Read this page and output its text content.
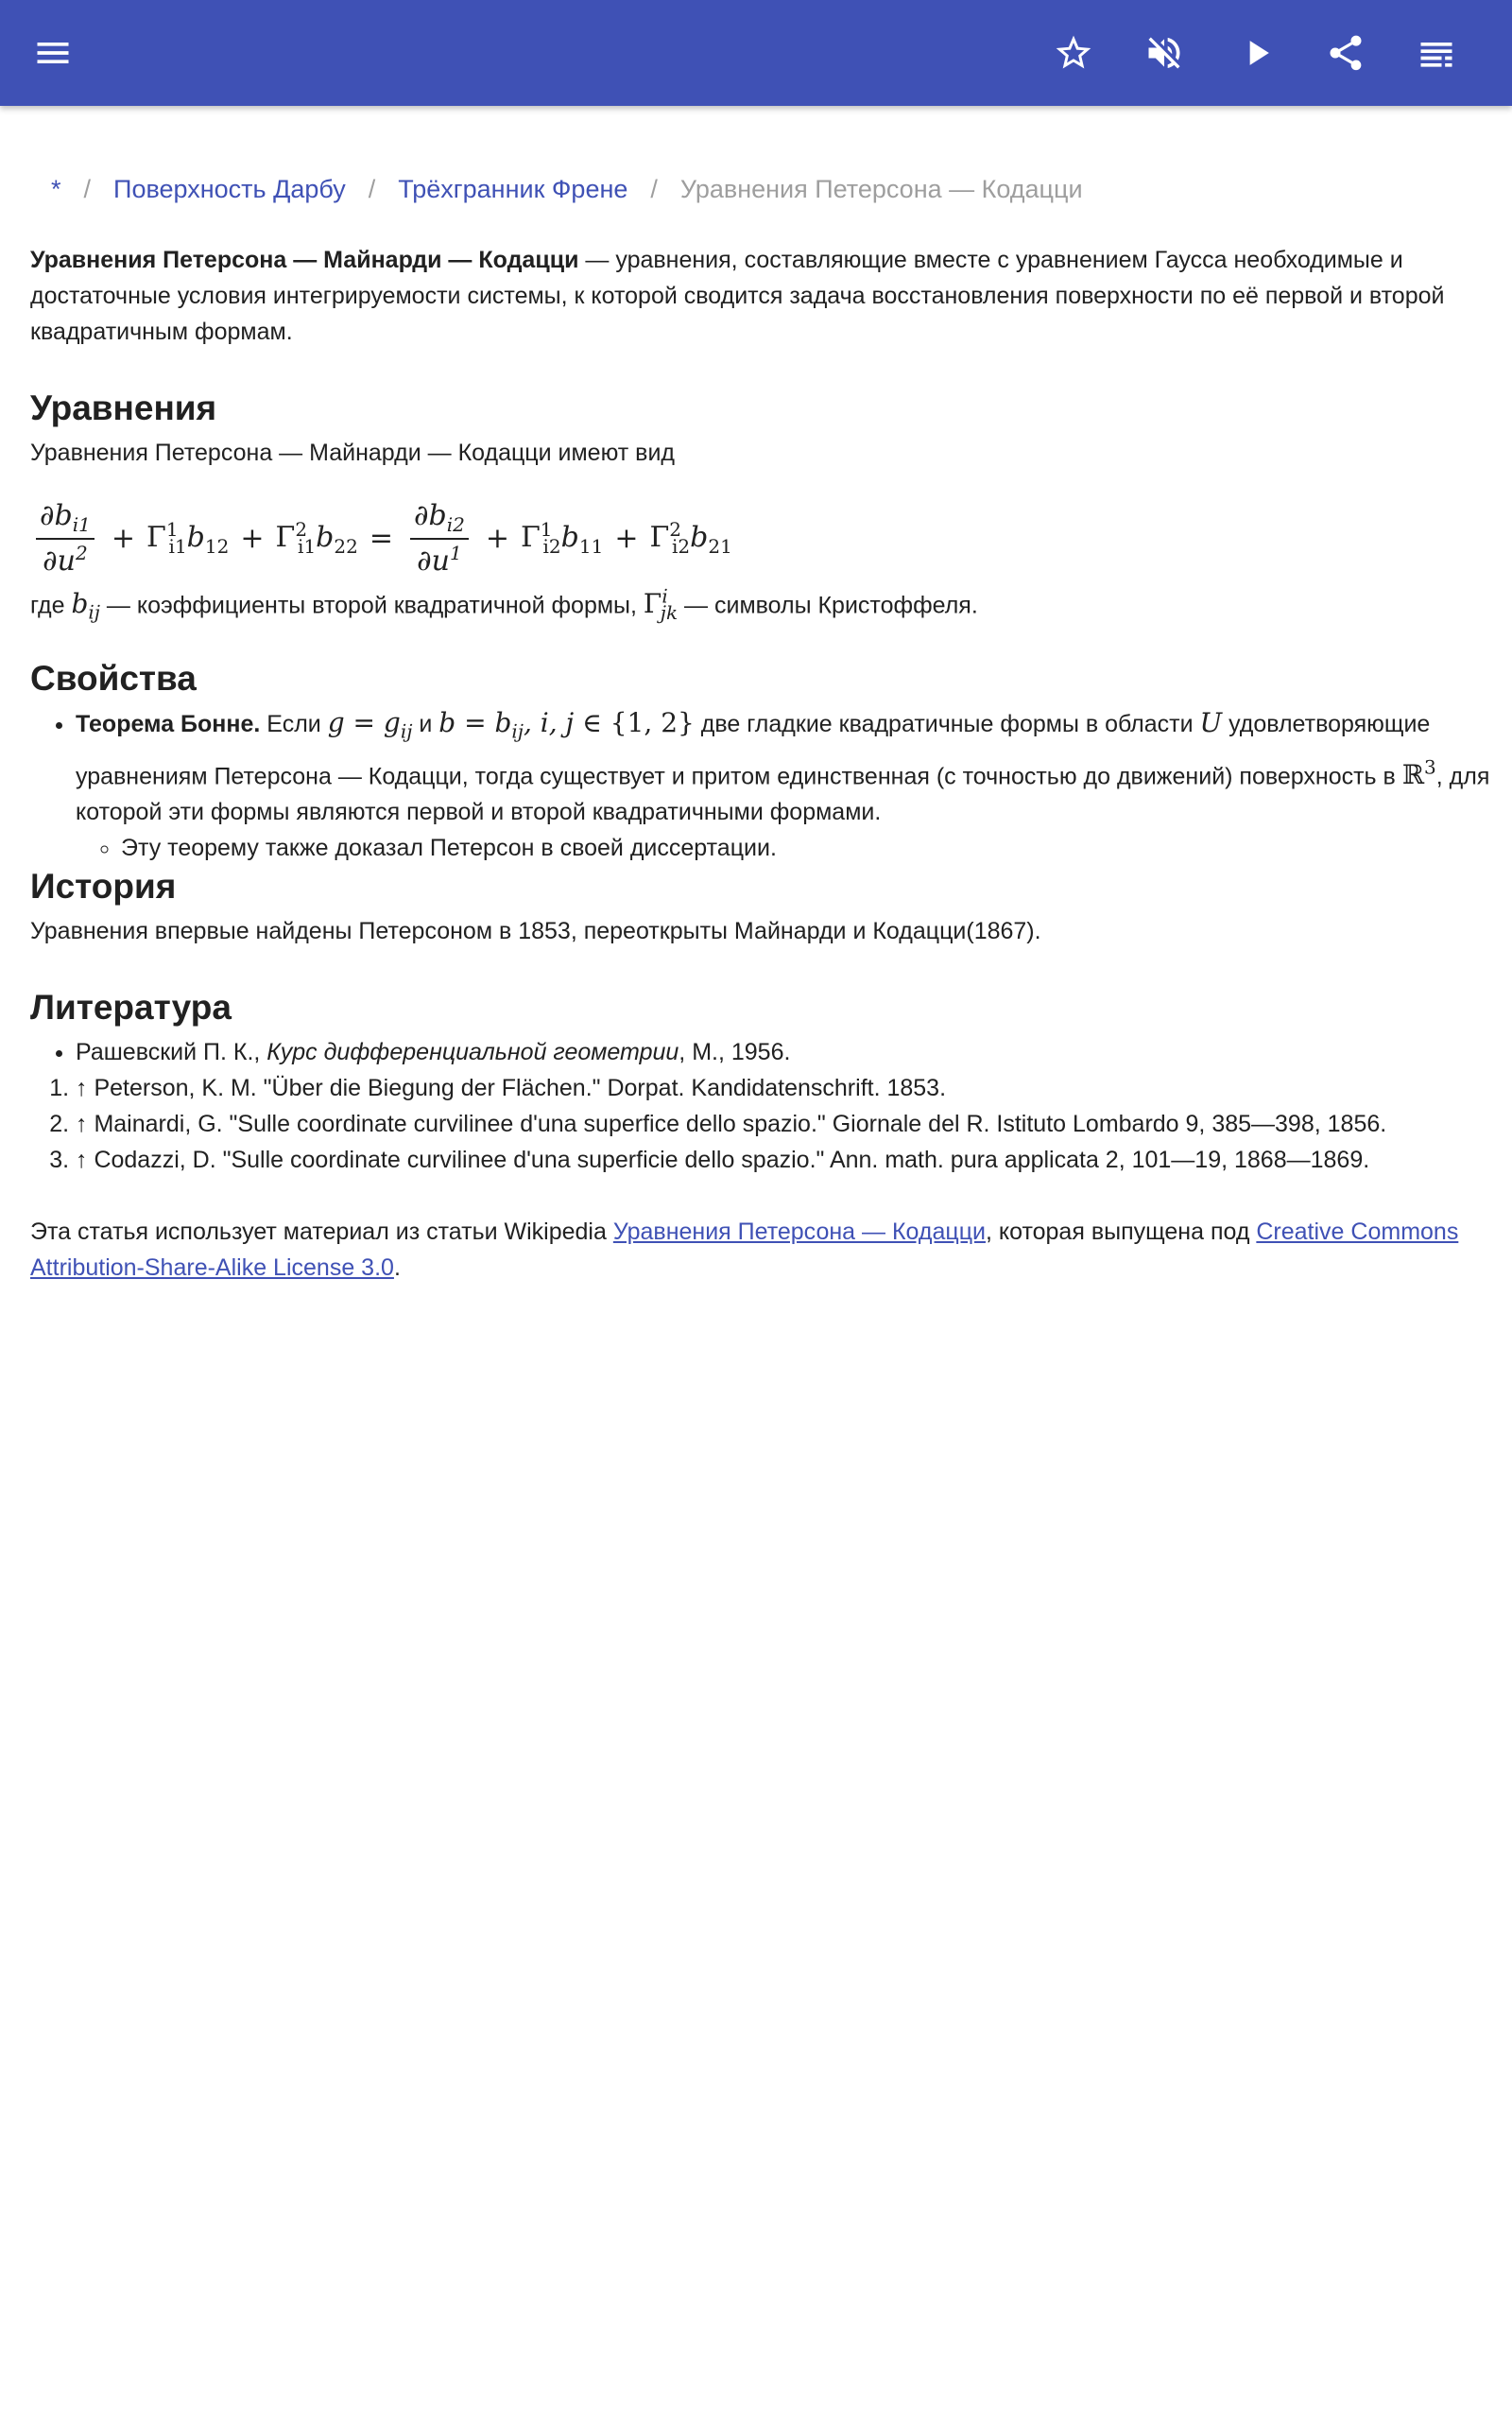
* / Поверхность Дарбу / Трёхгранник Френе / Уравнения Петерсона — Кодацци

Уравнения Петерсона — Майнарди — Кодацци — уравнения, составляющие вместе с уравнением Гаусса необходимые и достаточные условия интегрируемости системы, к которой сводится задача восстановления поверхности по её первой и второй квадратичным формам.

Уравнения

Уравнения Петерсона — Майнарди — Кодацци имеют вид

$\frac{\partial b_{i1}}{\partial u^2} + \Gamma^1_{i1}b_{12} + \Gamma^2_{i1}b_{22} = \frac{\partial b_{i2}}{\partial u^1} + \Gamma^1_{i2}b_{11} + \Gamma^2_{i2}b_{21}$

где $b_{ij}$ — коэффициенты второй квадратичной формы, $\Gamma^i_{jk}$ — символы Кристоффеля.

Свойства
• Теорема Бонне. Если $g = g_{ij}$ и $b = b_{ij}$, i, j ∈ {1, 2} две гладкие квадратичные формы в области U удовлетворяющие уравнениям Петерсона — Кодацци, тогда существует и притом единственная (с точностью до движений) поверхность в ℝ$^3$, для которой эти формы являются первой и второй квадратичными формами.
◦ Эту теорему также доказал Петерсон в своей диссертации.
История

Уравнения впервые найдены Петерсоном в 1853, переоткрыты Майнарди и Кодацци(1867).

Литература
• Рашевский П. К., Курс дифференциальной геометрии, М., 1956.
1. ↑ Peterson, K. M. "Über die Biegung der Flächen." Dorpat. Kandidatenschrift. 1853.
2. ↑ Mainardi, G. "Sulle coordinate curvilinee d'una superfice dello spazio." Giornale del R. Istituto Lombardo 9, 385—398, 1856.
3. ↑ Codazzi, D. "Sulle coordinate curvilinee d'una superficie dello spazio." Ann. math. pura applicata 2, 101—19, 1868—1869.

Эта статья использует материал из статьи Wikipedia Уравнения Петерсона — Кодацци, которая выпущена под Creative Commons Attribution-Share-Alike License 3.0.
